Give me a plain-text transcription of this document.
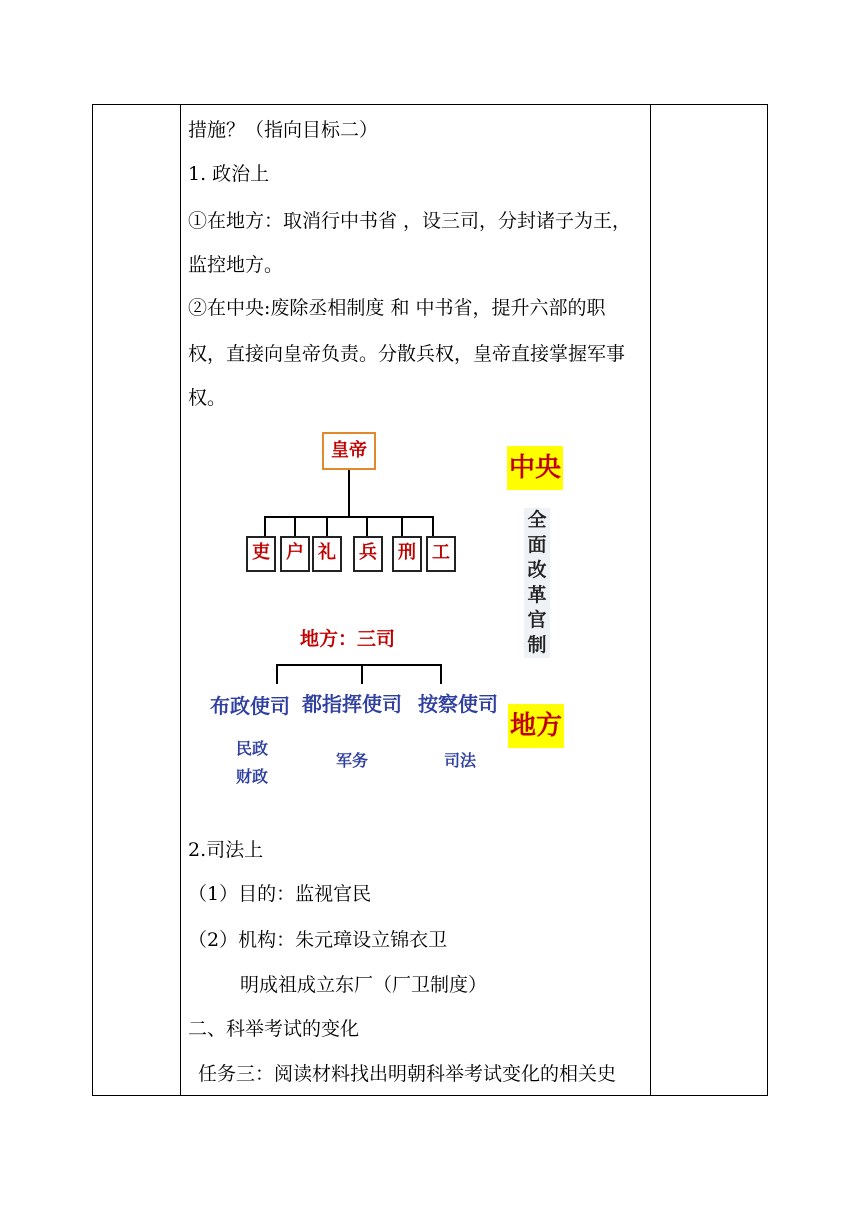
措施？（指向目标二）
1. 政治上
①在地方：取消行中书省 ，设三司，分封诸子为王，
监控地方。
②在中央:废除丞相制度 和 中书省，提升六部的职
权，直接向皇帝负责。分散兵权，皇帝直接掌握军事
权。
皇帝
吏 户 礼	兵	刑 工
地方：三司
布政使司 都指挥使司 按察使司
民政
财政
军务	司法
中央
全
面
改
革
官
制
地方
2.司法上
（1）目的：监视官民
（2）机构：朱元璋设立锦衣卫
明成祖成立东厂（厂卫制度）
二、科举考试的变化
任务三：阅读材料找出明朝科举考试变化的相关史
